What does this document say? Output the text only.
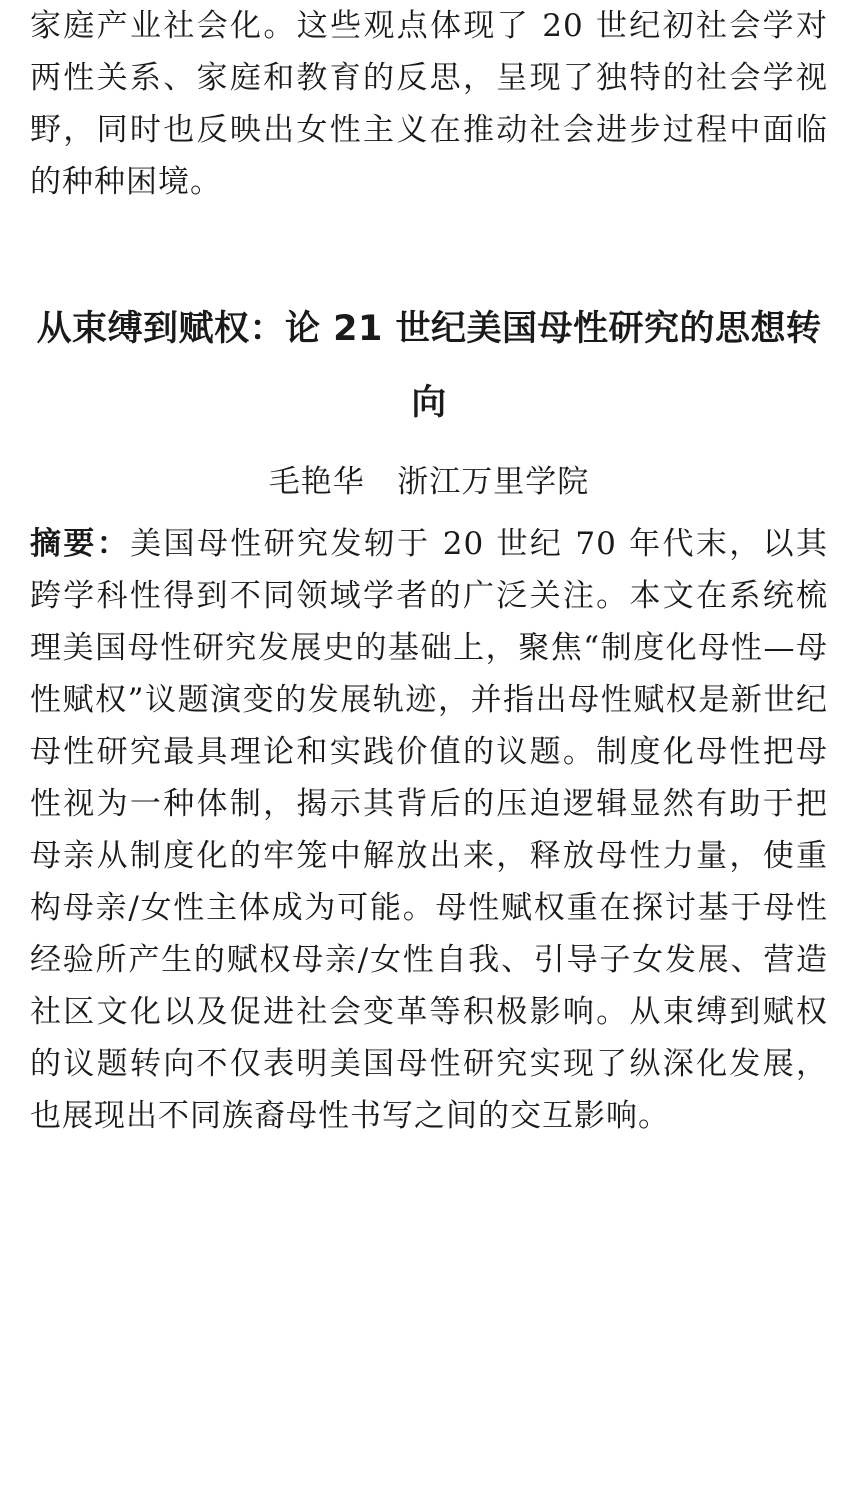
家庭产业社会化。这些观点体现了 20 世纪初社会学对两性关系、家庭和教育的反思，呈现了独特的社会学视野，同时也反映出女性主义在推动社会进步过程中面临的种种困境。

从束缚到赋权：论 21 世纪美国母性研究的思想转向
毛艳华 浙江万里学院

摘要：美国母性研究发轫于 20 世纪 70 年代末，以其跨学科性得到不同领域学者的广泛关注。本文在系统梳理美国母性研究发展史的基础上，聚焦“制度化母性—母性赋权”议题演变的发展轨迹，并指出母性赋权是新世纪母性研究最具理论和实践价值的议题。制度化母性把母性视为一种体制，揭示其背后的压迫逻辑显然有助于把母亲从制度化的牢笼中解放出来，释放母性力量，使重构母亲/女性主体成为可能。母性赋权重在探讨基于母性经验所产生的赋权母亲/女性自我、引导子女发展、营造社区文化以及促进社会变革等积极影响。从束缚到赋权的议题转向不仅表明美国母性研究实现了纵深化发展，也展现出不同族裔母性书写之间的交互影响。
